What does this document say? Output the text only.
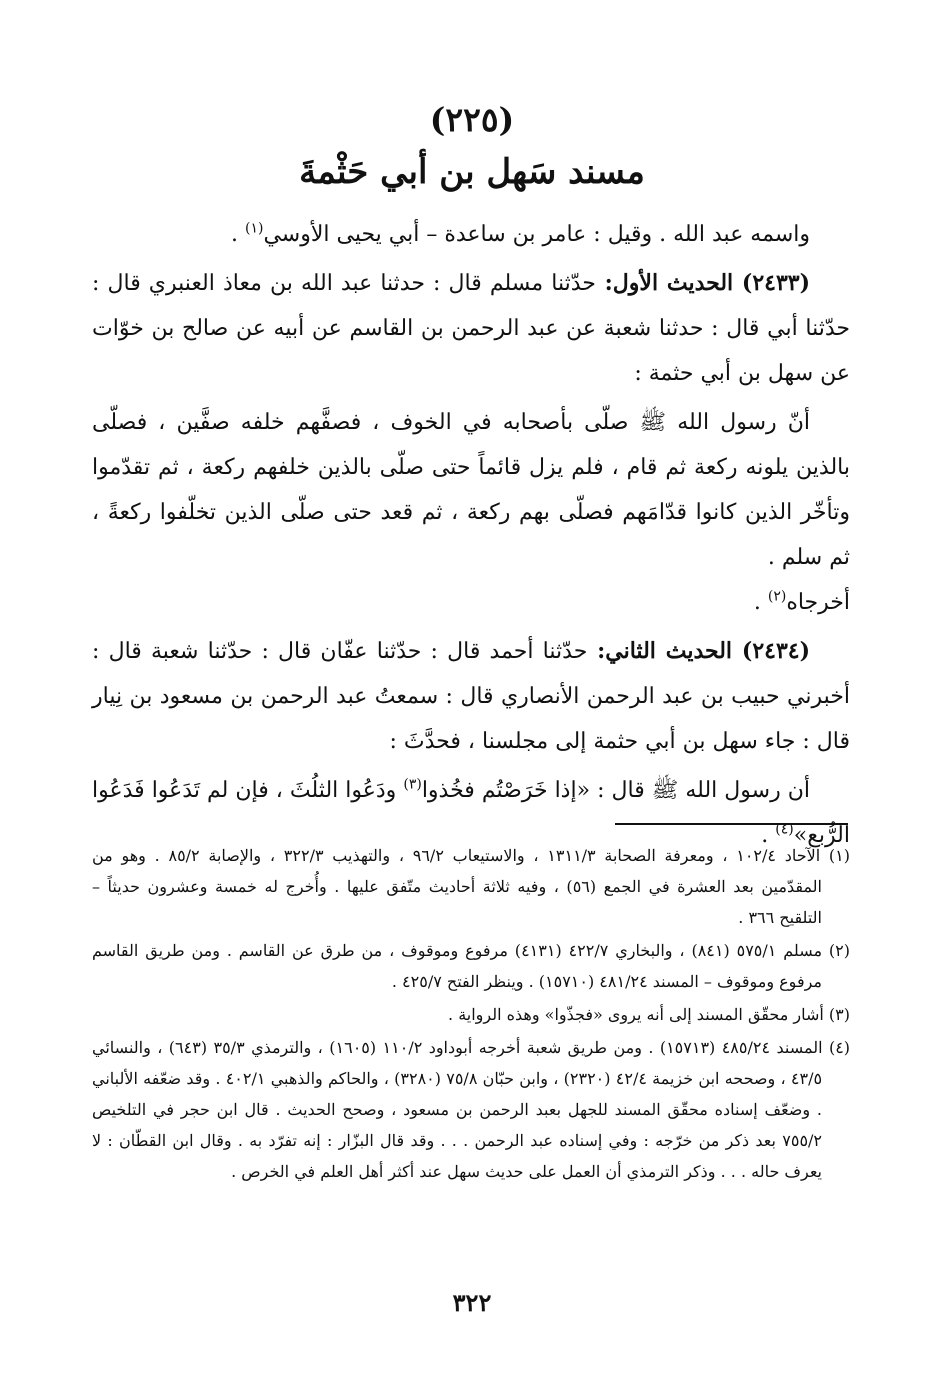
(٢٢٥)
مسند سَهل بن أبي حَثْمةَ

واسمه عبد الله . وقيل : عامر بن ساعدة – أبي يحيى الأوسي$^{(١)}$ .

(٢٤٣٣) الحديث الأول: حدّثنا مسلم قال : حدثنا عبد الله بن معاذ العنبري قال : حدّثنا أبي قال : حدثنا شعبة عن عبد الرحمن بن القاسم عن أبيه عن صالح بن خوّات عن سهل بن أبي حثمة :

أنّ رسول الله ﷺ صلّى بأصحابه في الخوف ، فصفَّهم خلفه صفَّين ، فصلّى بالذين يلونه ركعة ثم قام ، فلم يزل قائماً حتى صلّى بالذين خلفهم ركعة ، ثم تقدّموا وتأخّر الذين كانوا قدّامَهم فصلّى بهم ركعة ، ثم قعد حتى صلّى الذين تخلّفوا ركعةً ، ثم سلم .

أخرجاه$^{(٢)}$ .

(٢٤٣٤) الحديث الثاني: حدّثنا أحمد قال : حدّثنا عفّان قال : حدّثنا شعبة قال : أخبرني حبيب بن عبد الرحمن الأنصاري قال : سمعتُ عبد الرحمن بن مسعود بن نِيار قال : جاء سهل بن أبي حثمة إلى مجلسنا ، فحدَّثَ :

أن رسول الله ﷺ قال : «إذا خَرَصْتُم فخُذوا$^{(٣)}$ ودَعُوا الثلُثَ ، فإن لم تَدَعُوا فَدَعُوا الرُّبع»$^{(٤)}$ .

(١) الآحاد ١٠٢/٤ ، ومعرفة الصحابة ١٣١١/٣ ، والاستيعاب ٩٦/٢ ، والتهذيب ٣٢٢/٣ ، والإصابة ٨٥/٢ . وهو من المقدّمين بعد العشرة في الجمع (٥٦) ، وفيه ثلاثة أحاديث متّفق عليها . وأُخرج له خمسة وعشرون حديثاً – التلقيح ٣٦٦ .

(٢) مسلم ٥٧٥/١ (٨٤١) ، والبخاري ٤٢٢/٧ (٤١٣١) مرفوع وموقوف ، من طرق عن القاسم . ومن طريق القاسم مرفوع وموقوف – المسند ٤٨١/٢٤ (١٥٧١٠) . وينظر الفتح ٤٢٥/٧ .

(٣) أشار محقّق المسند إلى أنه يروى «فجذّوا» وهذه الرواية .

(٤) المسند ٤٨٥/٢٤ (١٥٧١٣) . ومن طريق شعبة أخرجه أبوداود ١١٠/٢ (١٦٠٥) ، والترمذي ٣٥/٣ (٦٤٣) ، والنسائي ٤٣/٥ ، وصححه ابن خزيمة ٤٢/٤ (٢٣٢٠) ، وابن حبّان ٧٥/٨ (٣٢٨٠) ، والحاكم والذهبي ٤٠٢/١ . وقد ضعّفه الألباني . وضعّف إسناده محقّق المسند للجهل بعبد الرحمن بن مسعود ، وصحح الحديث . قال ابن حجر في التلخيص ٧٥٥/٢ بعد ذكر من خرّجه : وفي إسناده عبد الرحمن . . . وقد قال البزّار : إنه تفرّد به . وقال ابن القطّان : لا يعرف حاله . . . وذكر الترمذي أن العمل على حديث سهل عند أكثر أهل العلم في الخرص .

٣٢٢
